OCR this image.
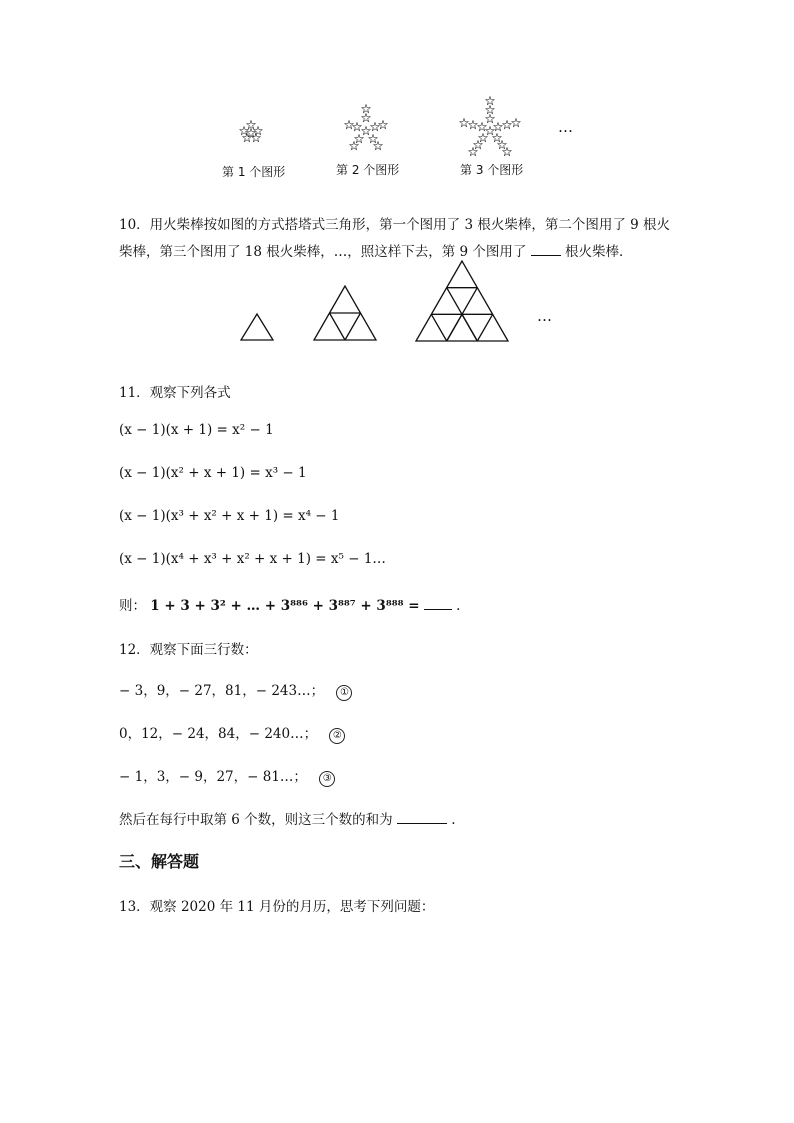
…
第 1 个图形	第 2 个图形	第 3 个图形
10．用火柴棒按如图的方式搭塔式三角形，第一个图用了 3 根火柴棒，第二个图用了 9 根火
柴棒，第三个图用了 18 根火柴棒，…，照这样下去，第 9 个图用了	根火柴棒．
…
11．观察下列各式
(x − 1)(x + 1) = x² − 1
(x − 1)(x² + x + 1) = x³ − 1
(x − 1)(x³ + x² + x + 1) = x⁴ − 1
(x − 1)(x⁴ + x³ + x² + x + 1) = x⁵ − 1…
则： 1 + 3 + 3² + … + 3⁸⁸⁶ + 3⁸⁸⁷ + 3⁸⁸⁸ =	.
12．观察下面三行数：
− 3，9，− 27，81，− 243…； ①
0，12，− 24，84，− 240…； ②
− 1，3，− 9，27，− 81…； ③
然后在每行中取第 6 个数，则这三个数的和为	.
三、解答题
13．观察 2020 年 11 月份的月历，思考下列问题：
